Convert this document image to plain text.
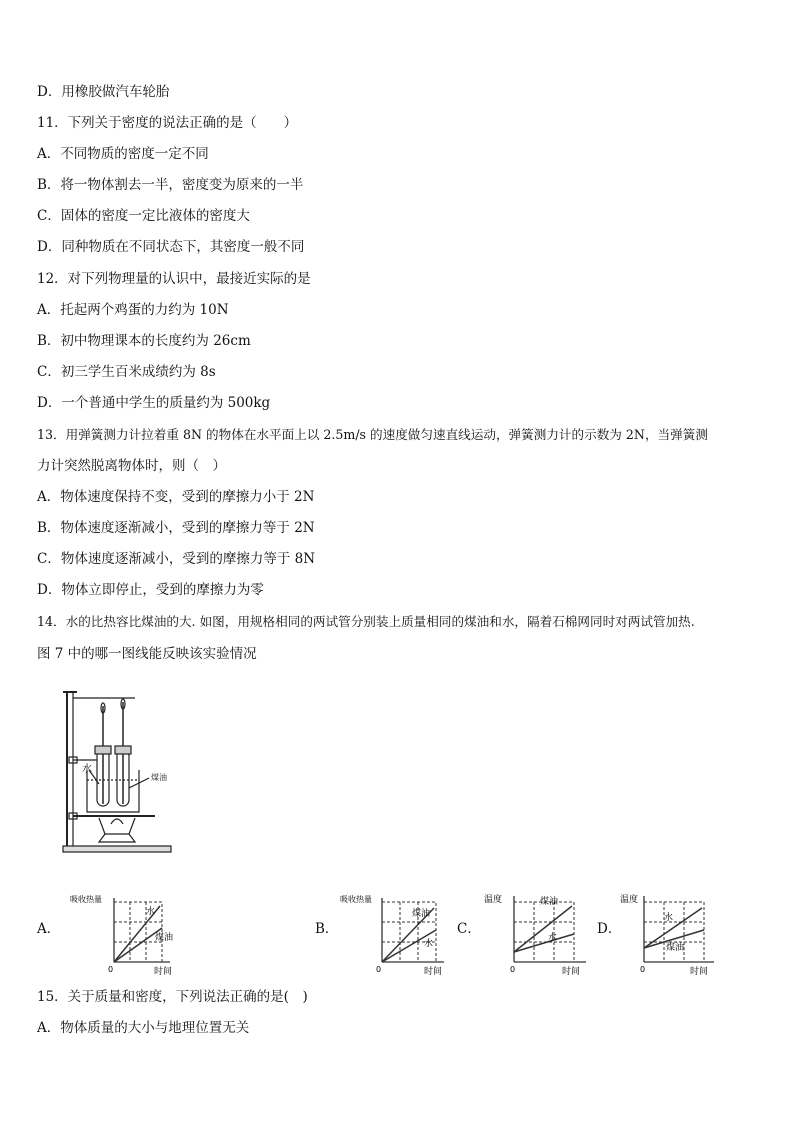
D．用橡胶做汽车轮胎
11．下列关于密度的说法正确的是（　　）
A．不同物质的密度一定不同
B．将一物体割去一半，密度变为原来的一半
C．固体的密度一定比液体的密度大
D．同种物质在不同状态下，其密度一般不同
12．对下列物理量的认识中，最接近实际的是
A．托起两个鸡蛋的力约为 10N
B．初中物理课本的长度约为 26cm
C．初三学生百米成绩约为 8s
D．一个普通中学生的质量约为 500kg
13．用弹簧测力计拉着重 8N 的物体在水平面上以 2.5m/s 的速度做匀速直线运动，弹簧测力计的示数为 2N，当弹簧测
力计突然脱离物体时，则（　）
A．物体速度保持不变，受到的摩擦力小于 2N
B．物体速度逐渐减小，受到的摩擦力等于 2N
C．物体速度逐渐减小，受到的摩擦力等于 8N
D．物体立即停止，受到的摩擦力为零
14．水的比热容比煤油的大. 如图，用规格相同的两试管分别装上质量相同的煤油和水，隔着石棉网同时对两试管加热.
图 7 中的哪一图线能反映该实验情况
15．关于质量和密度，下列说法正确的是(　)
A．物体质量的大小与地理位置无关
水
煤油
A．	B．	C．	D．
吸收热量
水
煤油
0	时间
吸收热量
煤油
水
0	时间
温度	煤油
水
0	时间
温度
水
煤油
0	时间
